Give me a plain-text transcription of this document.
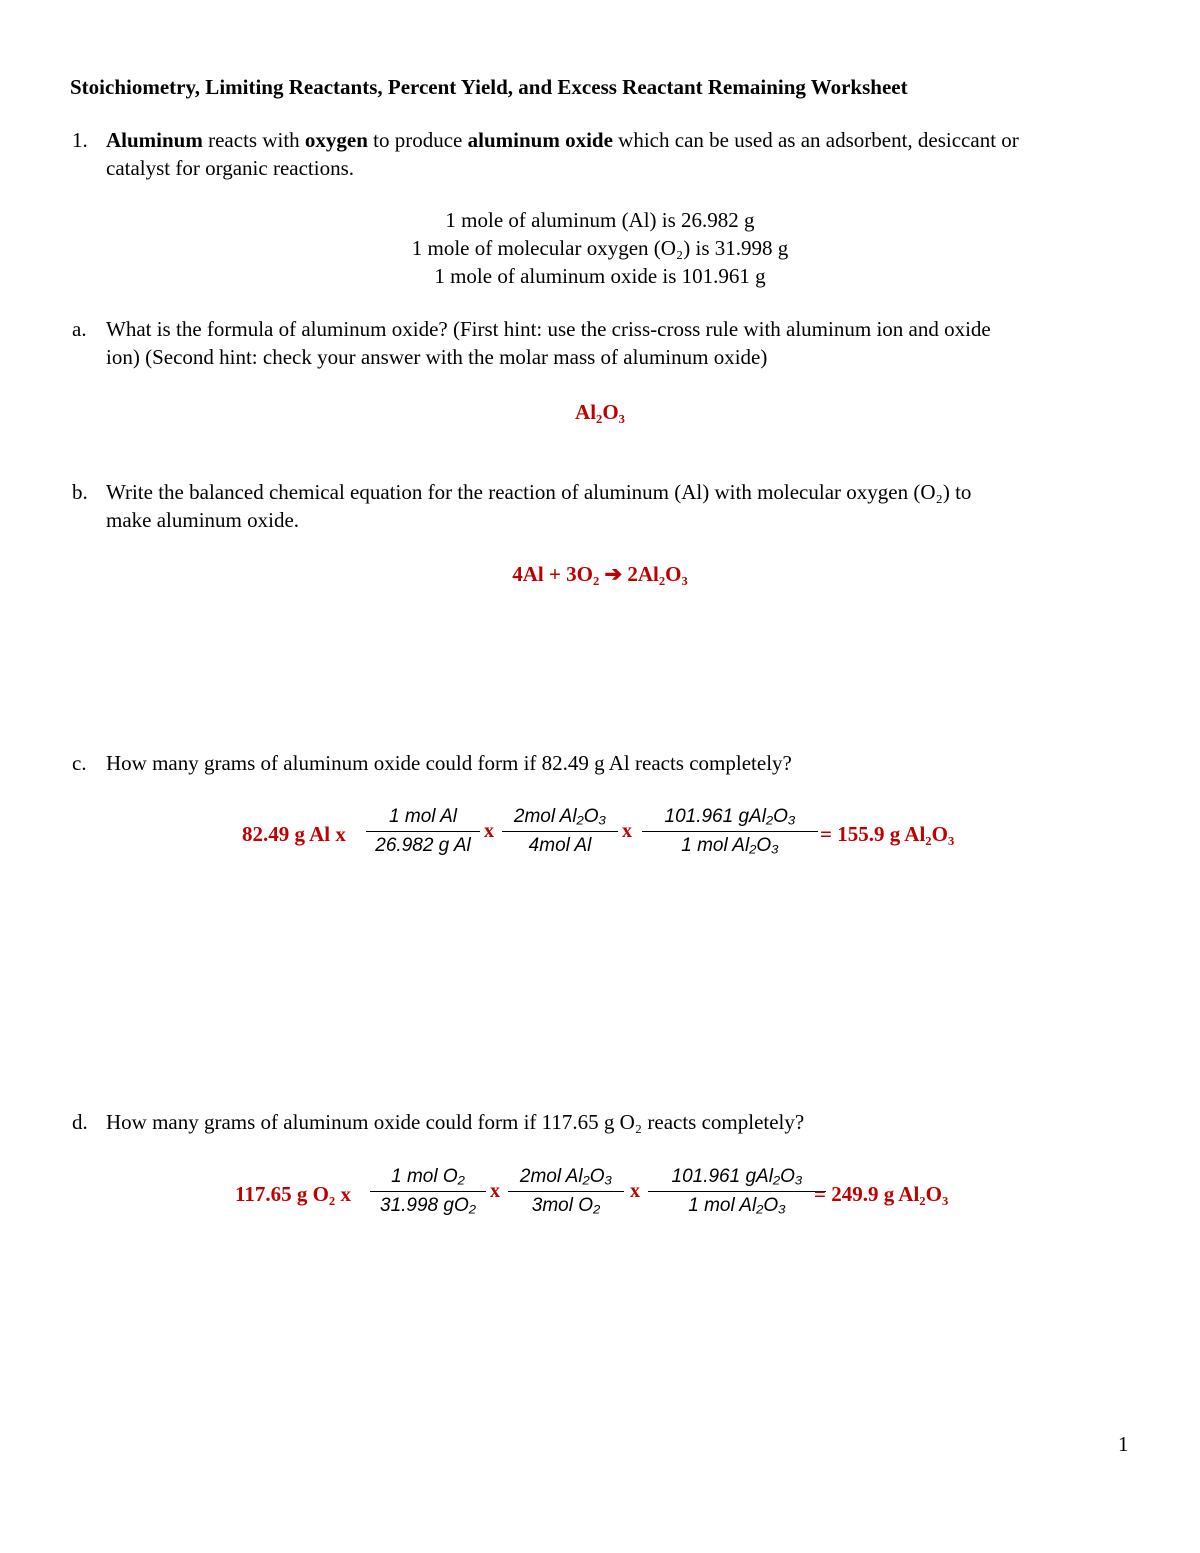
Stoichiometry, Limiting Reactants, Percent Yield, and Excess Reactant Remaining Worksheet
1. Aluminum reacts with oxygen to produce aluminum oxide which can be used as an adsorbent, desiccant or
catalyst for organic reactions.
1 mole of aluminum (Al) is 26.982 g
1 mole of molecular oxygen (O₂) is 31.998 g
1 mole of aluminum oxide is 101.961 g
a. What is the formula of aluminum oxide? (First hint: use the criss-cross rule with aluminum ion and oxide
ion) (Second hint: check your answer with the molar mass of aluminum oxide)
Al₂O₃
b. Write the balanced chemical equation for the reaction of aluminum (Al) with molecular oxygen (O₂) to
make aluminum oxide.
4Al + 3O₂ ➔ 2Al₂O₃
c. How many grams of aluminum oxide could form if 82.49 g Al reacts completely?
82.49 g Al x
1 mol Al
26.982 g Al
x
2mol Al₂O₃
4mol Al
x
101.961 gAl₂O₃
1 mol Al₂O₃	= 155.9 g Al₂O₃
d. How many grams of aluminum oxide could form if 117.65 g O₂ reacts completely?
117.65 g O₂ x
1 mol O₂
31.998 gO₂
x
2mol Al₂O₃
3mol O₂
x
101.961 gAl₂O₃
1 mol Al₂O₃	= 249.9 g Al₂O₃
1
